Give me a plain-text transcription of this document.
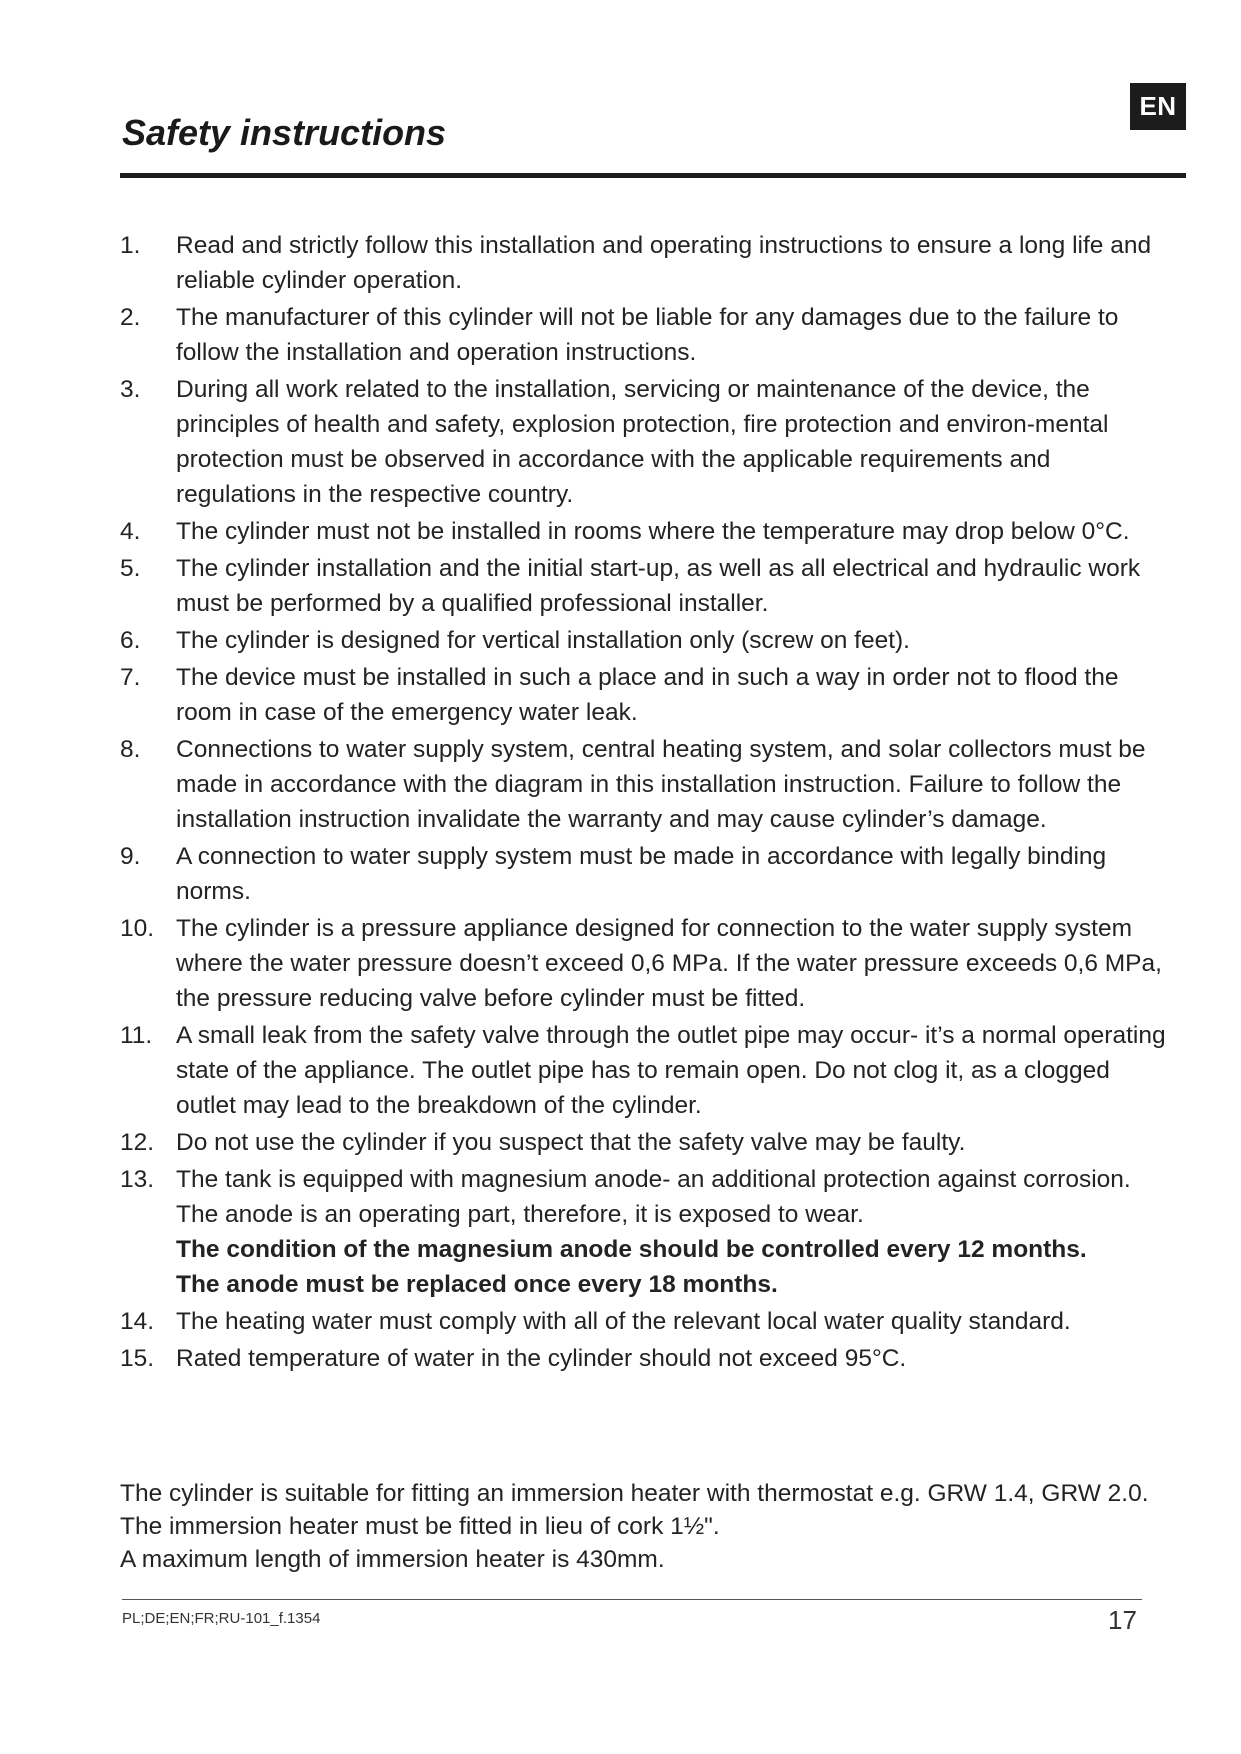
EN
Safety instructions
1. Read and strictly follow this installation and operating instructions to ensure a long life and reliable cylinder operation.
2. The manufacturer of this cylinder will not be liable for any damages due to the failure to follow the installation and operation instructions.
3. During all work related to the installation, servicing or maintenance of the device, the principles of health and safety, explosion protection, fire protection and environ-mental protection must be observed in accordance with the applicable requirements and regulations in the respective country.
4. The cylinder must not be installed in rooms where the temperature may drop below 0°C.
5. The cylinder installation and the initial start-up, as well as all electrical and hydraulic work must be performed by a qualified professional installer.
6. The cylinder is designed for vertical installation only (screw on feet).
7. The device must be installed in such a place and in such a way in order not to flood the room in case of the emergency water leak.
8. Connections to water supply system, central heating system, and solar collectors must be made in accordance with the diagram in this installation instruction. Failure to follow the installation instruction invalidate the warranty and may cause cylinder’s damage.
9. A connection to water supply system must be made in accordance with legally binding norms.
10. The cylinder is a pressure appliance designed for connection to the water supply system where the water pressure doesn’t exceed 0,6 MPa. If the water pressure exceeds 0,6 MPa, the pressure reducing valve before cylinder must be fitted.
11. A small leak from the safety valve through the outlet pipe may occur- it’s a normal operating state of the appliance. The outlet pipe has to remain open. Do not clog it, as a clogged outlet may lead to the breakdown of the cylinder.
12. Do not use the cylinder if you suspect that the safety valve may be faulty.
13. The tank is equipped with magnesium anode- an additional protection against corrosion. The anode is an operating part, therefore, it is exposed to wear.
The condition of the magnesium anode should be controlled every 12 months.
The anode must be replaced once every 18 months.
14. The heating water must comply with all of the relevant local water quality standard.
15. Rated temperature of water in the cylinder should not exceed 95°C.

The cylinder is suitable for fitting an immersion heater with thermostat e.g. GRW 1.4, GRW 2.0. The immersion heater must be fitted in lieu of cork 1½".

A maximum length of immersion heater is 430mm.

PL;DE;EN;FR;RU-101_f.1354	17
